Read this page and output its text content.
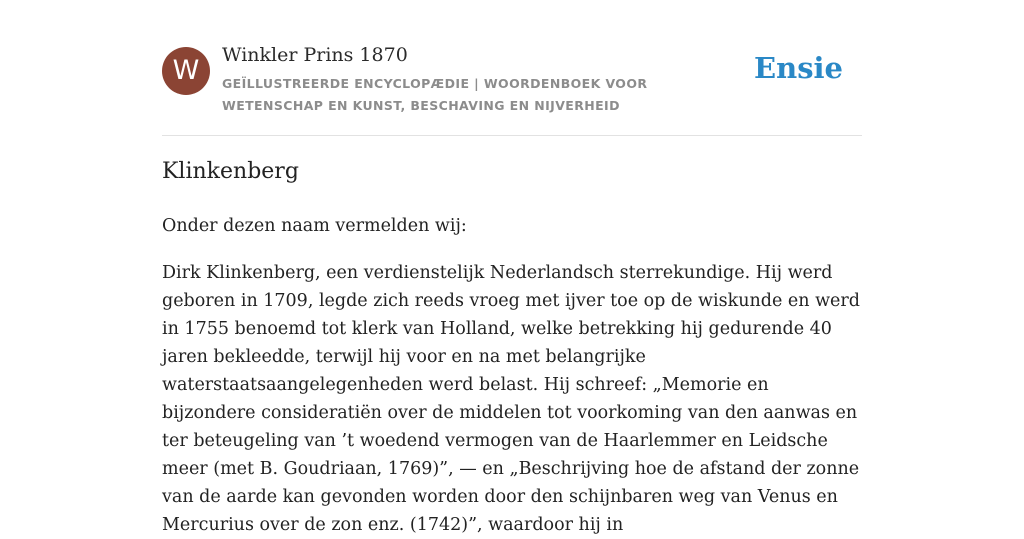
W	Winkler Prins 1870
GEÏLLUSTREERDE ENCYCLOPÆDIE | WOORDENBOEK VOOR WETENSCHAP EN KUNST, BESCHAVING EN NIJVERHEID
Ensie
Klinkenberg

Onder dezen naam vermelden wij:

Dirk Klinkenberg, een verdienstelijk Nederlandsch sterrekundige. Hij werd geboren in 1709, legde zich reeds vroeg met ijver toe op de wiskunde en werd in 1755 benoemd tot klerk van Holland, welke betrekking hij gedurende 40 jaren bekleedde, terwijl hij voor en na met belangrijke waterstaatsaangelegenheden werd belast. Hij schreef: „Memorie en bijzondere consideratiën over de middelen tot voorkoming van den aanwas en ter beteugeling van ’t woedend vermogen van de Haarlemmer en Leidsche meer (met B. Goudriaan, 1769)”, — en „Beschrijving hoe de afstand der zonne van de aarde kan gevonden worden door den schijnbaren weg van Venus en Mercurius over de zon enz. (1742)”, waardoor hij in
